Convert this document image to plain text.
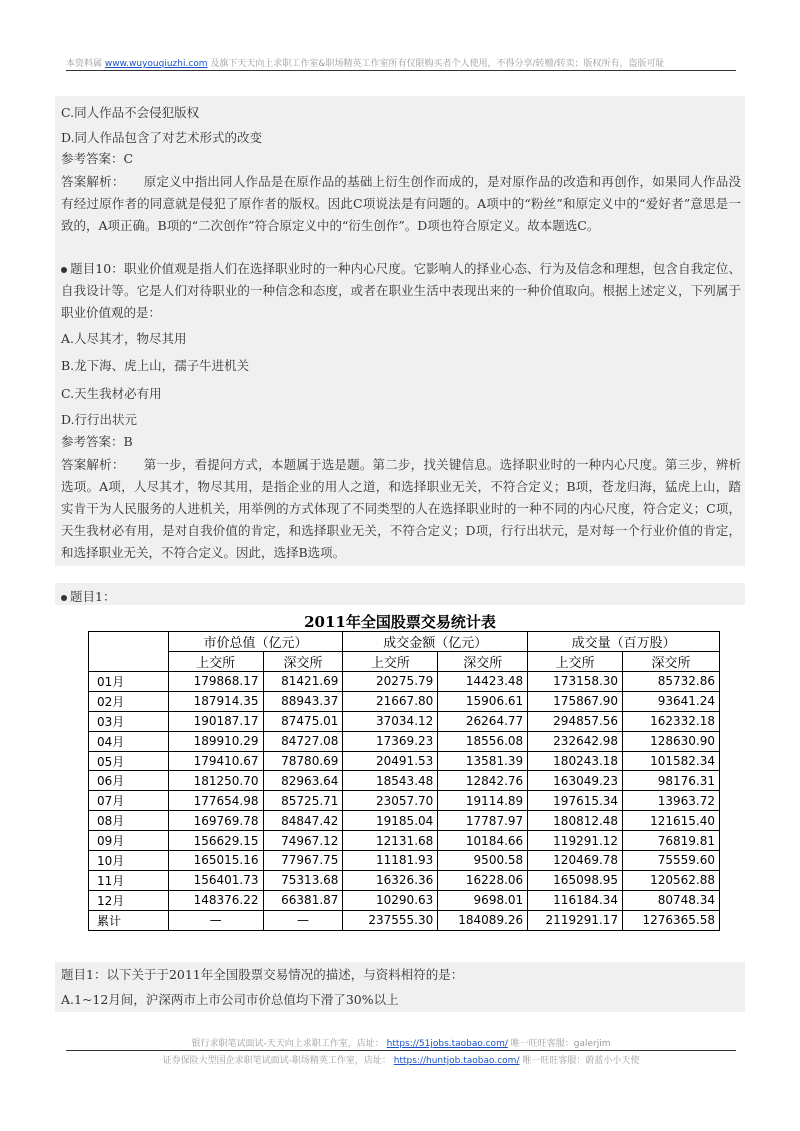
本资料属 www.wuyouqiuzhi.com 及旗下天天向上求职工作室&职场精英工作室所有仅限购买者个人使用，不得分享/转赠/转卖；版权所有，盗版可耻
C.同人作品不会侵犯版权
D.同人作品包含了对艺术形式的改变
参考答案：C
答案解析：　　原定义中指出同人作品是在原作品的基础上衍生创作而成的，是对原作品的改造和再创作，如果同人作品没有经过原作者的同意就是侵犯了原作者的版权。因此C项说法是有问题的。A项中的“粉丝”和原定义中的“爱好者”意思是一致的，A项正确。B项的“二次创作”符合原定义中的“衍生创作”。D项也符合原定义。故本题选C。
题目10：职业价值观是指人们在选择职业时的一种内心尺度。它影响人的择业心态、行为及信念和理想，包含自我定位、自我设计等。它是人们对待职业的一种信念和态度，或者在职业生活中表现出来的一种价值取向。根据上述定义，下列属于职业价值观的是：
A.人尽其才，物尽其用
B.龙下海、虎上山，孺子牛进机关
C.天生我材必有用
D.行行出状元
参考答案：B
答案解析：　　第一步，看提问方式，本题属于选是题。第二步，找关键信息。选择职业时的一种内心尺度。第三步，辨析选项。A项，人尽其才，物尽其用，是指企业的用人之道，和选择职业无关，不符合定义；B项，苍龙归海，猛虎上山，踏实肯干为人民服务的人进机关，用举例的方式体现了不同类型的人在选择职业时的一种不同的内心尺度，符合定义；C项，天生我材必有用，是对自我价值的肯定，和选择职业无关，不符合定义；D项，行行出状元，是对每一个行业价值的肯定，和选择职业无关，不符合定义。因此，选择B选项。
题目1：
2011年全国股票交易统计表
	市价总值（亿元）		成交金额（亿元）		成交量（百万股）	
	上交所	深交所	上交所	深交所	上交所	深交所
01月	179868.17	81421.69	20275.79	14423.48	173158.30	85732.86
02月	187914.35	88943.37	21667.80	15906.61	175867.90	93641.24
03月	190187.17	87475.01	37034.12	26264.77	294857.56	162332.18
04月	189910.29	84727.08	17369.23	18556.08	232642.98	128630.90
05月	179410.67	78780.69	20491.53	13581.39	180243.18	101582.34
06月	181250.70	82963.64	18543.48	12842.76	163049.23	98176.31
07月	177654.98	85725.71	23057.70	19114.89	197615.34	13963.72
08月	169769.78	84847.42	19185.04	17787.97	180812.48	121615.40
09月	156629.15	74967.12	12131.68	10184.66	119291.12	76819.81
10月	165015.16	77967.75	11181.93	9500.58	120469.78	75559.60
11月	156401.73	75313.68	16326.36	16228.06	165098.95	120562.88
12月	148376.22	66381.87	10290.63	9698.01	116184.34	80748.34
累计	—	—	237555.30	184089.26	2119291.17	1276365.58
题目1：以下关于于2011年全国股票交易情况的描述，与资料相符的是：
A.1~12月间，沪深两市上市公司市价总值均下滑了30%以上
银行求职笔试面试-天天向上求职工作室，店址： https://51jobs.taobao.com/ 唯一旺旺客服：galerjim
证券保险大型国企求职笔试面试-职场精英工作室，店址： https://huntjob.taobao.com/ 唯一旺旺客服：蔚蓝小小天使
